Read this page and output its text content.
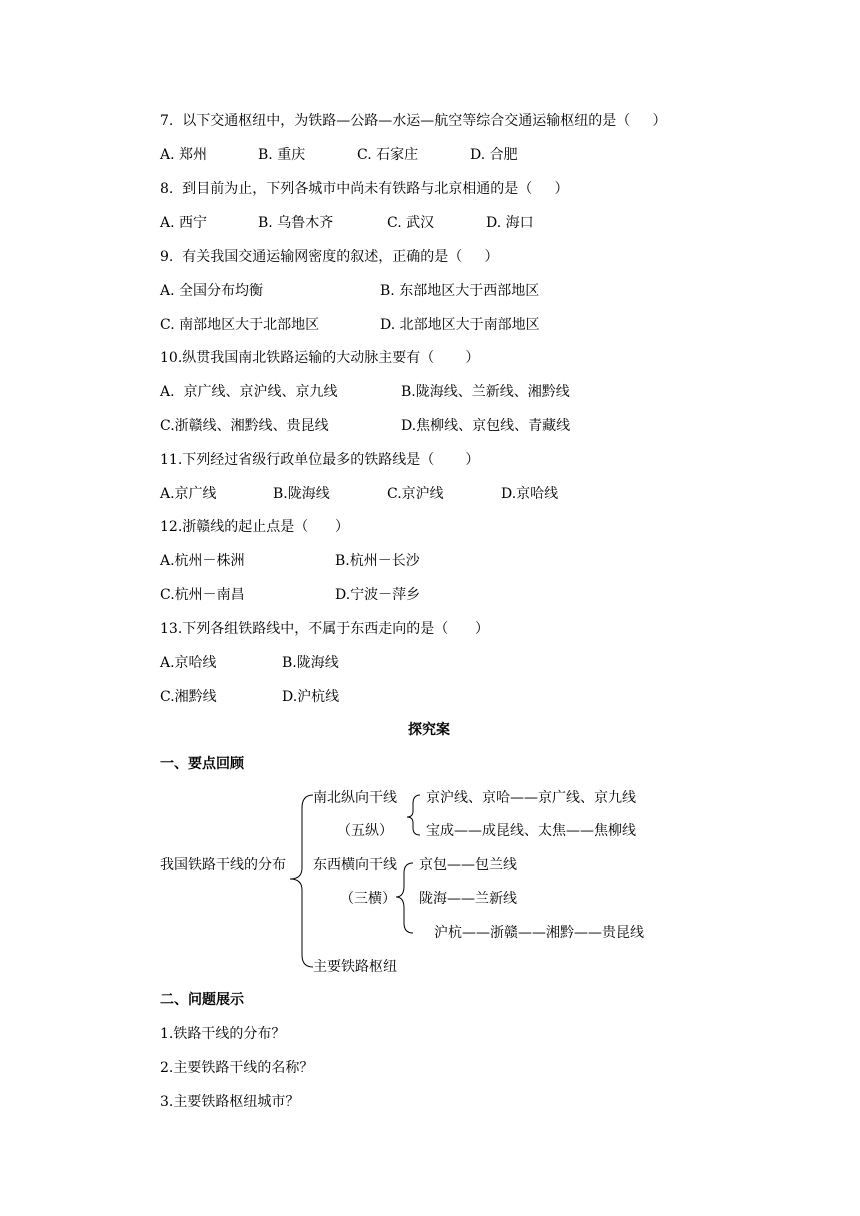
7.  以下交通枢纽中，为铁路—公路—水运—航空等综合交通运输枢纽的是（     ）
A. 郑州	B. 重庆	C. 石家庄	D. 合肥
8.  到目前为止，下列各城市中尚未有铁路与北京相通的是（     ）
A. 西宁	B. 乌鲁木齐	C. 武汉	D. 海口
9.  有关我国交通运输网密度的叙述，正确的是（     ）
A. 全国分布均衡	B. 东部地区大于西部地区
C. 南部地区大于北部地区	D. 北部地区大于南部地区
10.纵贯我国南北铁路运输的大动脉主要有（       ）
A.  京广线、京沪线、京九线	B.陇海线、兰新线、湘黔线
C.浙赣线、湘黔线、贵昆线	D.焦柳线、京包线、青藏线
11.下列经过省级行政单位最多的铁路线是（       ）
A.京广线	B.陇海线	C.京沪线	D.京哈线
12.浙赣线的起止点是（      ）
A.杭州－株洲	B.杭州－长沙
C.杭州－南昌	D.宁波－萍乡
13.下列各组铁路线中，不属于东西走向的是（      ）
A.京哈线	B.陇海线
C.湘黔线	D.沪杭线
探究案
一、要点回顾
我国铁路干线的分布
南北纵向干线
（五纵）
京沪线、京哈——京广线、京九线
宝成——成昆线、太焦——焦柳线
东西横向干线
（三横）
京包——包兰线
陇海——兰新线
沪杭——浙赣——湘黔——贵昆线
主要铁路枢纽
二、问题展示
1.铁路干线的分布？
2.主要铁路干线的名称？
3.主要铁路枢纽城市？
